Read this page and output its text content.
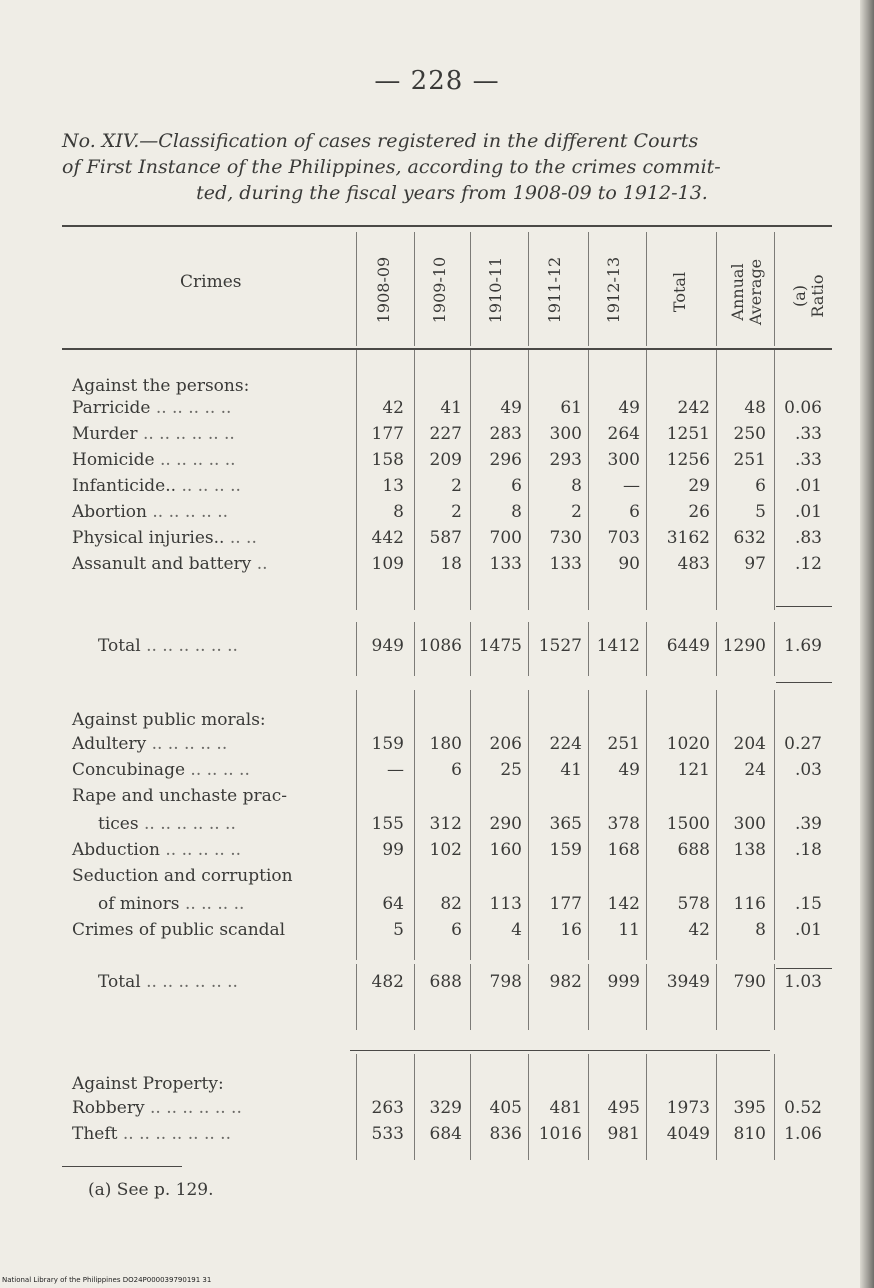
— 228 —
No. XIV.—Classification of cases registered in the different Courts
of First Instance of the Philippines, according to the crimes commit-
ted, during the fiscal years from 1908-09 to 1912-13.
Crimes	1908-09 1909-10 1910-11	1911-12	1912-13	Total Annual Average (a) Ratio
Against the persons:
Parricide .. .. .. .. ..	42	41	49	61	49	242	48	0.06
Murder .. .. .. .. .. ..	177	227	283	300	264	1251	250	.33
Homicide .. .. .. .. ..	158	209	296	293	300	1256	251	.33
Infanticide.. .. .. .. ..	13	2	6	8	—	29	6	.01
Abortion .. .. .. .. ..	8	2	8	2	6	26	5	.01
Physical injuries.. .. ..	442	587	700	730	703	3162	632	.83
Assanult and battery ..	109	18	133	133	90	483	97	.12
Total .. .. .. .. .. ..	949 1086 1475 1527 1412	6449 1290	1.69
Against public morals:
Adultery .. .. .. .. ..	159	180	206	224	251	1020	204	0.27
Concubinage .. .. .. ..	—	6	25	41	49	121	24	.03
Rape and unchaste prac-
tices .. .. .. .. .. ..	155	312	290	365	378	1500	300	.39
Abduction .. .. .. .. ..	99	102	160	159	168	688	138	.18
Seduction and corruption
of minors .. .. .. ..	64	82	113	177	142	578	116	.15
Crimes of public scandal	5	6	4	16	11	42	8	.01
Total .. .. .. .. .. ..	482	688	798	982	999	3949	790	1.03
Against Property:
Robbery .. .. .. .. .. ..	263	329	405	481	495	1973	395	0.52
Theft .. .. .. .. .. .. ..	533	684	836 1016	981	4049	810	1.06
(a) See p. 129.
National Library of the Philippines DO24P000039790191 31
